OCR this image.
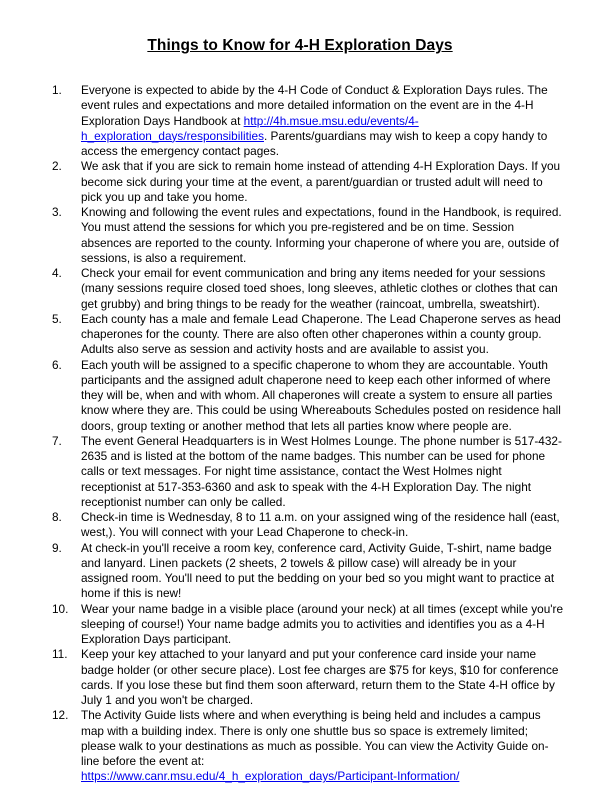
Things to Know for 4-H Exploration Days
1.	Everyone is expected to abide by the 4-H Code of Conduct & Exploration Days rules. The event rules and expectations and more detailed information on the event are in the 4-H Exploration Days Handbook at http://4h.msue.msu.edu/events/4-h_exploration_days/responsibilities. Parents/guardians may wish to keep a copy handy to access the emergency contact pages.
2.	We ask that if you are sick to remain home instead of attending 4-H Exploration Days. If you become sick during your time at the event, a parent/guardian or trusted adult will need to pick you up and take you home.
3.	Knowing and following the event rules and expectations, found in the Handbook, is required. You must attend the sessions for which you pre-registered and be on time. Session absences are reported to the county. Informing your chaperone of where you are, outside of sessions, is also a requirement.
4.	Check your email for event communication and bring any items needed for your sessions (many sessions require closed toed shoes, long sleeves, athletic clothes or clothes that can get grubby) and bring things to be ready for the weather (raincoat, umbrella, sweatshirt).
5.	Each county has a male and female Lead Chaperone. The Lead Chaperone serves as head chaperones for the county. There are also often other chaperones within a county group. Adults also serve as session and activity hosts and are available to assist you.
6.	Each youth will be assigned to a specific chaperone to whom they are accountable. Youth participants and the assigned adult chaperone need to keep each other informed of where they will be, when and with whom. All chaperones will create a system to ensure all parties know where they are. This could be using Whereabouts Schedules posted on residence hall doors, group texting or another method that lets all parties know where people are.
7.	The event General Headquarters is in West Holmes Lounge. The phone number is 517-432-2635 and is listed at the bottom of the name badges. This number can be used for phone calls or text messages. For night time assistance, contact the West Holmes night receptionist at 517-353-6360 and ask to speak with the 4-H Exploration Day. The night receptionist number can only be called.
8.	Check-in time is Wednesday, 8 to 11 a.m. on your assigned wing of the residence hall (east, west,). You will connect with your Lead Chaperone to check-in.
9.	At check-in you'll receive a room key, conference card, Activity Guide, T-shirt, name badge and lanyard. Linen packets (2 sheets, 2 towels & pillow case) will already be in your assigned room. You'll need to put the bedding on your bed so you might want to practice at home if this is new!
10.	Wear your name badge in a visible place (around your neck) at all times (except while you're sleeping of course!) Your name badge admits you to activities and identifies you as a 4-H Exploration Days participant.
11.	Keep your key attached to your lanyard and put your conference card inside your name badge holder (or other secure place). Lost fee charges are $75 for keys, $10 for conference cards. If you lose these but find them soon afterward, return them to the State 4-H office by July 1 and you won't be charged.
12.	The Activity Guide lists where and when everything is being held and includes a campus map with a building index. There is only one shuttle bus so space is extremely limited; please walk to your destinations as much as possible. You can view the Activity Guide on-line before the event at:
https://www.canr.msu.edu/4_h_exploration_days/Participant-Information/
